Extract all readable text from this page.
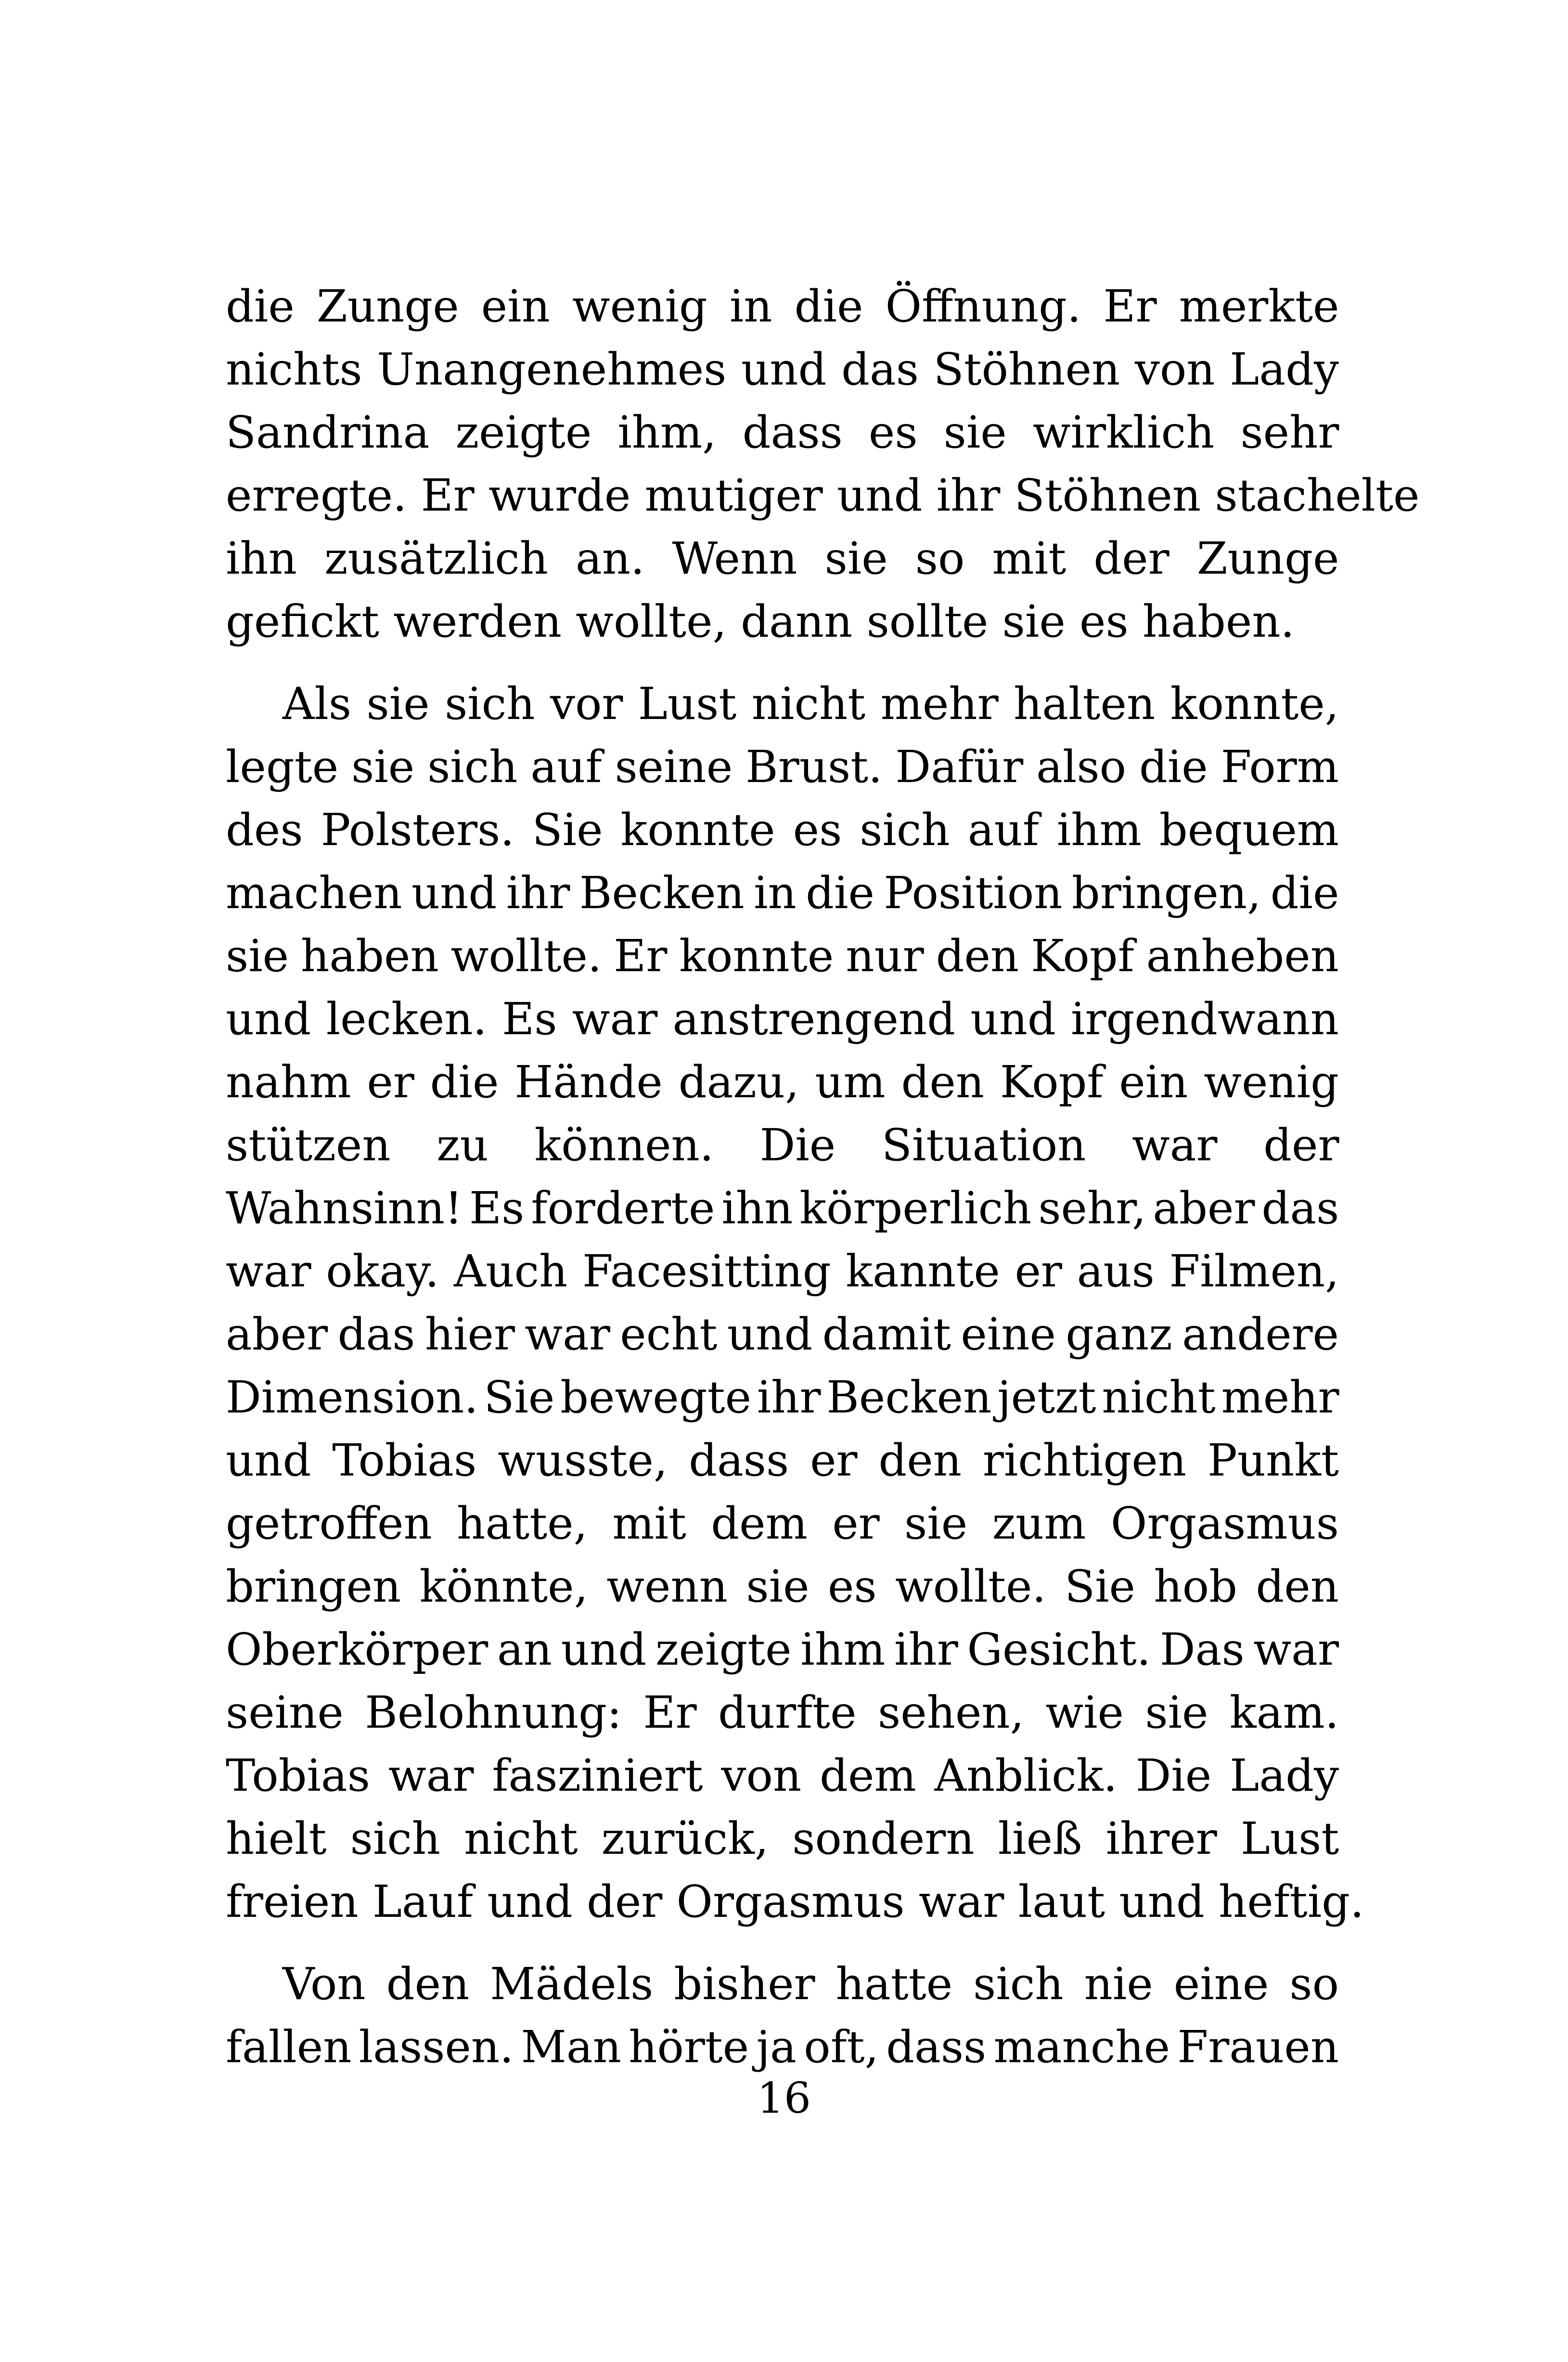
die Zunge ein wenig in die Öffnung. Er merkte
nichts Unangenehmes und das Stöhnen von Lady
Sandrina zeigte ihm, dass es sie wirklich sehr
erregte. Er wurde mutiger und ihr Stöhnen stachelte
ihn zusätzlich an. Wenn sie so mit der Zunge
gefickt werden wollte, dann sollte sie es haben.

Als sie sich vor Lust nicht mehr halten konnte,
legte sie sich auf seine Brust. Dafür also die Form
des Polsters. Sie konnte es sich auf ihm bequem
machen und ihr Becken in die Position bringen, die
sie haben wollte. Er konnte nur den Kopf anheben
und lecken. Es war anstrengend und irgendwann
nahm er die Hände dazu, um den Kopf ein wenig
stützen zu können. Die Situation war der
Wahnsinn! Es forderte ihn körperlich sehr, aber das
war okay. Auch Facesitting kannte er aus Filmen,
aber das hier war echt und damit eine ganz andere
Dimension. Sie bewegte ihr Becken jetzt nicht mehr
und Tobias wusste, dass er den richtigen Punkt
getroffen hatte, mit dem er sie zum Orgasmus
bringen könnte, wenn sie es wollte. Sie hob den
Oberkörper an und zeigte ihm ihr Gesicht. Das war
seine Belohnung: Er durfte sehen, wie sie kam.
Tobias war fasziniert von dem Anblick. Die Lady
hielt sich nicht zurück, sondern ließ ihrer Lust
freien Lauf und der Orgasmus war laut und heftig.

Von den Mädels bisher hatte sich nie eine so
fallen lassen. Man hörte ja oft, dass manche Frauen

16
